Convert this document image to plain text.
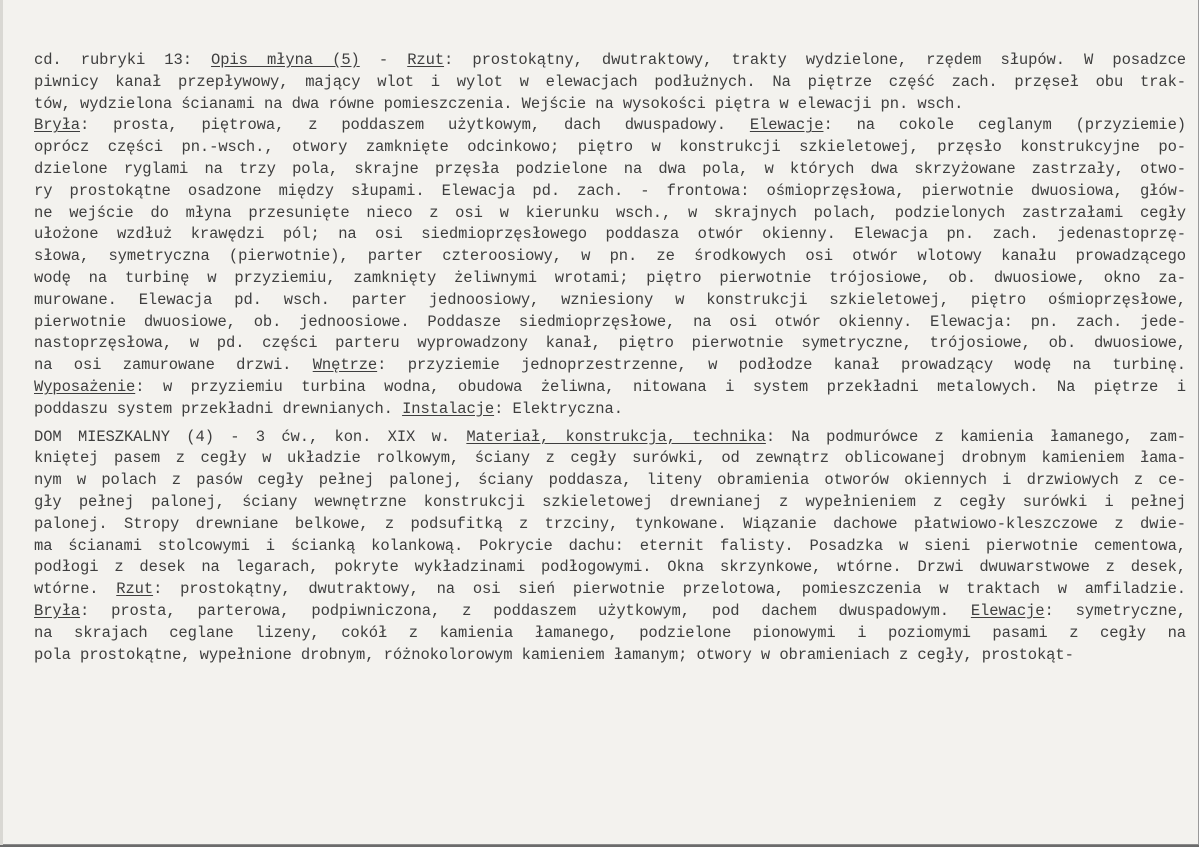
cd. rubryki 13: Opis młyna (5) - Rzut: prostokątny, dwutraktowy, trakty wydzielone, rzędem słupów. W posadzce
piwnicy kanał przepływowy, mający wlot i wylot w elewacjach podłużnych. Na piętrze część zach. przęseł obu trak-
tów, wydzielona ścianami na dwa równe pomieszczenia. Wejście na wysokości piętra w elewacji pn. wsch.
Bryła: prosta, piętrowa, z poddaszem użytkowym, dach dwuspadowy. Elewacje: na cokole ceglanym (przyziemie)
oprócz części pn.-wsch., otwory zamknięte odcinkowo; piętro w konstrukcji szkieletowej, przęsło konstrukcyjne po-
dzielone ryglami na trzy pola, skrajne przęsła podzielone na dwa pola, w których dwa skrzyżowane zastrzały, otwo-
ry prostokątne osadzone między słupami. Elewacja pd. zach. - frontowa: ośmioprzęsłowa, pierwotnie dwuosiowa, głów-
ne wejście do młyna przesunięte nieco z osi w kierunku wsch., w skrajnych polach, podzielonych zastrzałami cegły
ułożone wzdłuż krawędzi pól; na osi siedmioprzęsłowego poddasza otwór okienny. Elewacja pn. zach. jedenastoprzę-
słowa, symetryczna (pierwotnie), parter czteroosiowy, w pn. ze środkowych osi otwór wlotowy kanału prowadzącego
wodę na turbinę w przyziemiu, zamknięty żeliwnymi wrotami; piętro pierwotnie trójosiowe, ob. dwuosiowe, okno za-
murowane. Elewacja pd. wsch. parter jednoosiowy, wzniesiony w konstrukcji szkieletowej, piętro ośmioprzęsłowe,
pierwotnie dwuosiowe, ob. jednoosiowe. Poddasze siedmioprzęsłowe, na osi otwór okienny. Elewacja: pn. zach. jede-
nastoprzęsłowa, w pd. części parteru wyprowadzony kanał, piętro pierwotnie symetryczne, trójosiowe, ob. dwuosiowe,
na osi zamurowane drzwi. Wnętrze: przyziemie jednoprzestrzenne, w podłodze kanał prowadzący wodę na turbinę.
Wyposażenie: w przyziemiu turbina wodna, obudowa żeliwna, nitowana i system przekładni metalowych. Na piętrze i
poddaszu system przekładni drewnianych. Instalacje: Elektryczna.
DOM MIESZKALNY (4) - 3 ćw., kon. XIX w. Materiał, konstrukcja, technika: Na podmurówce z kamienia łamanego, zam-
kniętej pasem z cegły w układzie rolkowym, ściany z cegły surówki, od zewnątrz oblicowanej drobnym kamieniem łama-
nym w polach z pasów cegły pełnej palonej, ściany poddasza, liteny obramienia otworów okiennych i drzwiowych z ce-
gły pełnej palonej, ściany wewnętrzne konstrukcji szkieletowej drewnianej z wypełnieniem z cegły surówki i pełnej
palonej. Stropy drewniane belkowe, z podsufitką z trzciny, tynkowane. Wiązanie dachowe płatwiowo-kleszczowe z dwie-
ma ścianami stolcowymi i ścianką kolankową. Pokrycie dachu: eternit falisty. Posadzka w sieni pierwotnie cementowa,
podłogi z desek na legarach, pokryte wykładzinami podłogowymi. Okna skrzynkowe, wtórne. Drzwi dwuwarstwowe z desek,
wtórne. Rzut: prostokątny, dwutraktowy, na osi sień pierwotnie przelotowa, pomieszczenia w traktach w amfiladzie.
Bryła: prosta, parterowa, podpiwniczona, z poddaszem użytkowym, pod dachem dwuspadowym. Elewacje: symetryczne,
na skrajach ceglane lizeny, cokół z kamienia łamanego, podzielone pionowymi i poziomymi pasami z cegły na
pola prostokątne, wypełnione drobnym, różnokolorowym kamieniem łamanym; otwory w obramieniach z cegły, prostokąt-
